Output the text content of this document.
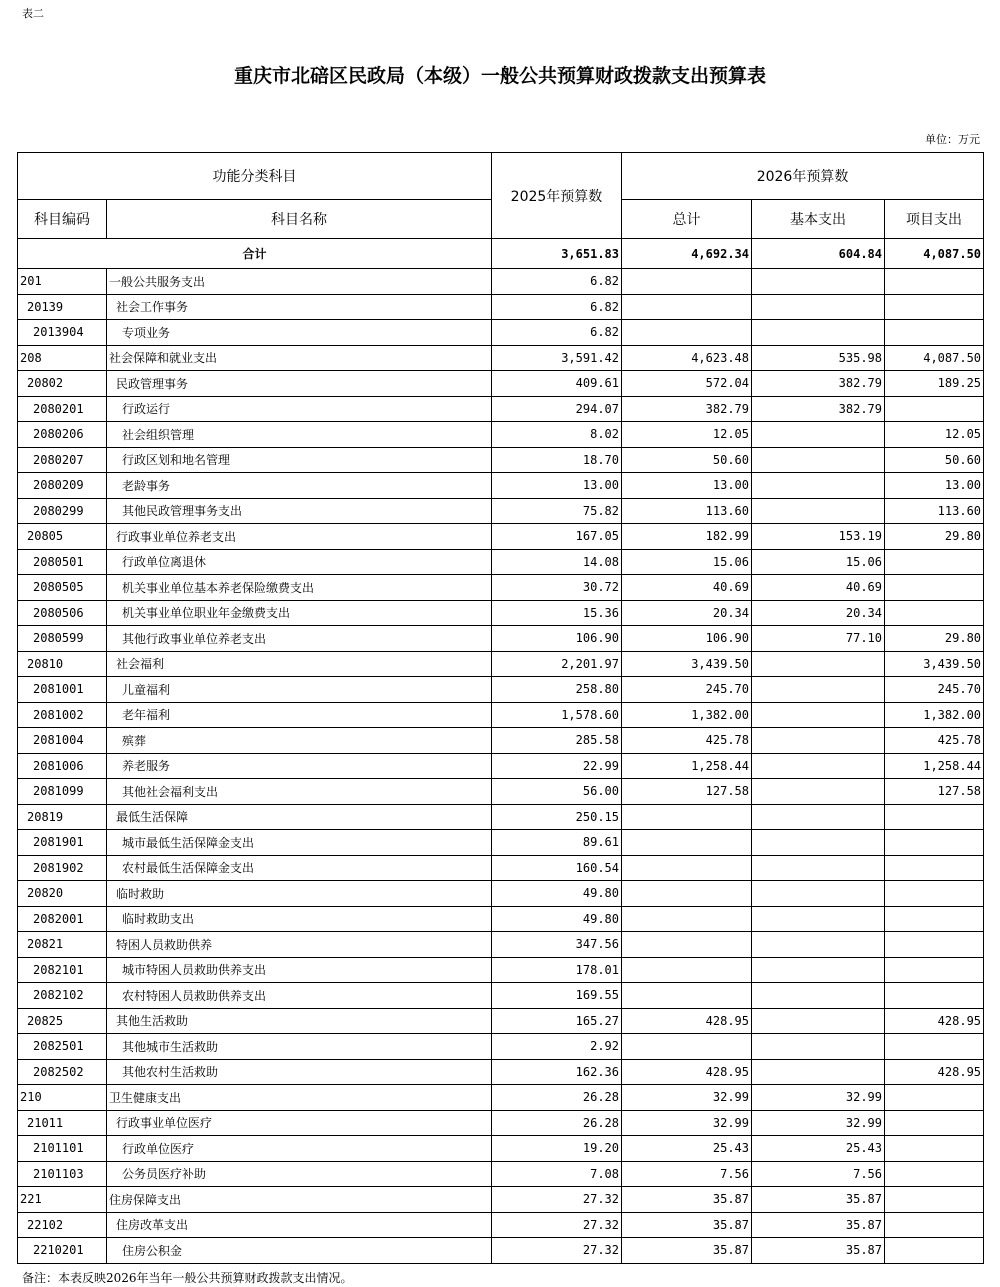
表二
重庆市北碚区民政局（本级）一般公共预算财政拨款支出预算表
单位：万元
功能分类科目		2025年预算数	2026年预算数		
科目编码	科目名称		总计	基本支出	项目支出
合计		3,651.83	4,692.34	604.84	4,087.50
201	一般公共服务支出	6.82			
20139	社会工作事务	6.82			
2013904	专项业务	6.82			
208	社会保障和就业支出	3,591.42	4,623.48	535.98	4,087.50
20802	民政管理事务	409.61	572.04	382.79	189.25
2080201	行政运行	294.07	382.79	382.79	
2080206	社会组织管理	8.02	12.05		12.05
2080207	行政区划和地名管理	18.70	50.60		50.60
2080209	老龄事务	13.00	13.00		13.00
2080299	其他民政管理事务支出	75.82	113.60		113.60
20805	行政事业单位养老支出	167.05	182.99	153.19	29.80
2080501	行政单位离退休	14.08	15.06	15.06	
2080505	机关事业单位基本养老保险缴费支出	30.72	40.69	40.69	
2080506	机关事业单位职业年金缴费支出	15.36	20.34	20.34	
2080599	其他行政事业单位养老支出	106.90	106.90	77.10	29.80
20810	社会福利	2,201.97	3,439.50		3,439.50
2081001	儿童福利	258.80	245.70		245.70
2081002	老年福利	1,578.60	1,382.00		1,382.00
2081004	殡葬	285.58	425.78		425.78
2081006	养老服务	22.99	1,258.44		1,258.44
2081099	其他社会福利支出	56.00	127.58		127.58
20819	最低生活保障	250.15			
2081901	城市最低生活保障金支出	89.61			
2081902	农村最低生活保障金支出	160.54			
20820	临时救助	49.80			
2082001	临时救助支出	49.80			
20821	特困人员救助供养	347.56			
2082101	城市特困人员救助供养支出	178.01			
2082102	农村特困人员救助供养支出	169.55			
20825	其他生活救助	165.27	428.95		428.95
2082501	其他城市生活救助	2.92			
2082502	其他农村生活救助	162.36	428.95		428.95
210	卫生健康支出	26.28	32.99	32.99	
21011	行政事业单位医疗	26.28	32.99	32.99	
2101101	行政单位医疗	19.20	25.43	25.43	
2101103	公务员医疗补助	7.08	7.56	7.56	
221	住房保障支出	27.32	35.87	35.87	
22102	住房改革支出	27.32	35.87	35.87	
2210201	住房公积金	27.32	35.87	35.87	
备注：本表反映2026年当年一般公共预算财政拨款支出情况。
